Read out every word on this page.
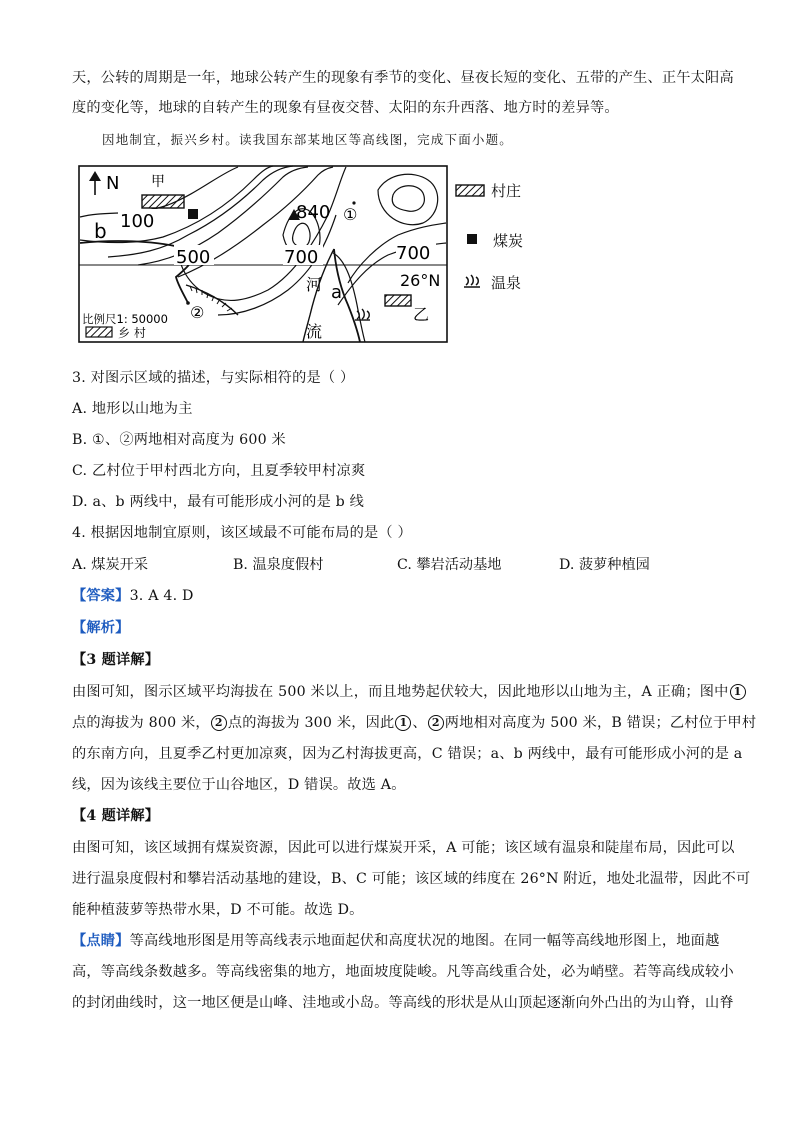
天，公转的周期是一年，地球公转产生的现象有季节的变化、昼夜长短的变化、五带的产生、正午太阳高
度的变化等，地球的自转产生的现象有昼夜交替、太阳的东升西落、地方时的差异等。
因地制宜，振兴乡村。读我国东部某地区等高线图，完成下面小题。
N 甲
100
b
500	700
840 ①
700
26°N
a
河
流
乙
②
比例尺1: 50000
乡 村
村庄
煤炭
温泉
3. 对图示区域的描述，与实际相符的是（ ）
A. 地形以山地为主
B. ①、②两地相对高度为 600 米
C. 乙村位于甲村西北方向，且夏季较甲村凉爽
D. a、b 两线中，最有可能形成小河的是 b 线
4. 根据因地制宜原则，该区域最不可能布局的是（ ）
A. 煤炭开采	B. 温泉度假村	C. 攀岩活动基地	D. 菠萝种植园
【答案】3. A 4. D
【解析】
【3 题详解】
由图可知，图示区域平均海拔在 500 米以上，而且地势起伏较大，因此地形以山地为主，A 正确；图中 1
点的海拔为 800 米， 2 点的海拔为 300 米，因此 1 、 2 两地相对高度为 500 米，B 错误；乙村位于甲村
的东南方向，且夏季乙村更加凉爽，因为乙村海拔更高，C 错误；a、b 两线中，最有可能形成小河的是 a
线，因为该线主要位于山谷地区，D 错误。故选 A。
【4 题详解】
由图可知，该区域拥有煤炭资源，因此可以进行煤炭开采，A 可能；该区域有温泉和陡崖布局，因此可以
进行温泉度假村和攀岩活动基地的建设，B、C 可能；该区域的纬度在 26°N 附近，地处北温带，因此不可
能种植菠萝等热带水果，D 不可能。故选 D。
【点睛】等高线地形图是用等高线表示地面起伏和高度状况的地图。在同一幅等高线地形图上，地面越
高，等高线条数越多。等高线密集的地方，地面坡度陡峻。凡等高线重合处，必为峭壁。若等高线成较小
的封闭曲线时，这一地区便是山峰、洼地或小岛。等高线的形状是从山顶起逐渐向外凸出的为山脊，山脊
